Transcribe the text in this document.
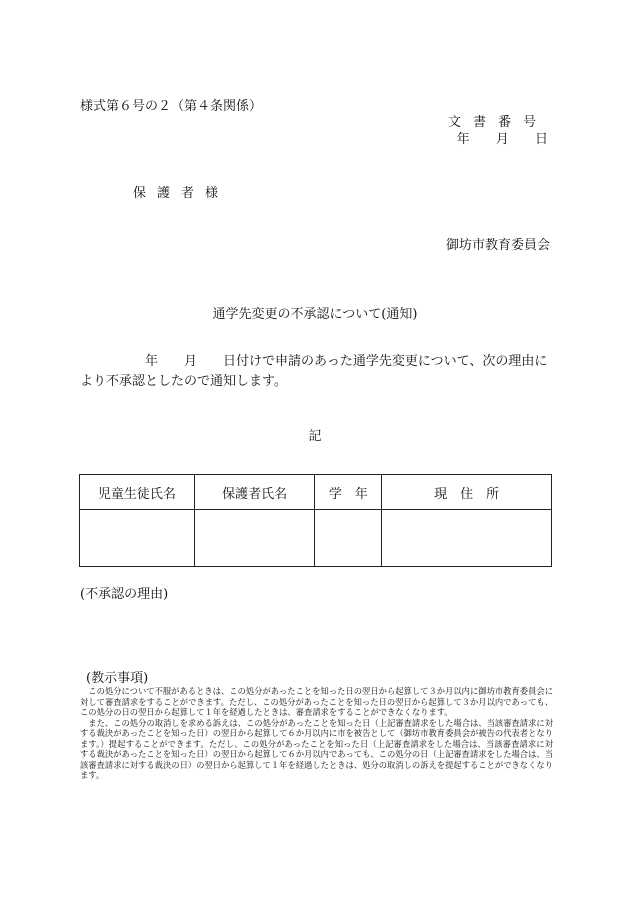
様式第６号の２（第４条関係）
文書番号
年 月 日
保護者様
御坊市教育委員会
通学先変更の不承認について(通知)
　　　　　年　　月　　日付けで申請のあった通学先変更について、次の理由により不承認としたので通知します。
記
児童生徒氏名	保護者氏名	学　年	現　住　所

(不承認の理由)
(教示事項)

この処分について不服があるときは、この処分があったことを知った日の翌日から起算して３か月以内に御坊市教育委員会に対して審査請求をすることができます。ただし、この処分があったことを知った日の翌日から起算して３か月以内であっても、この処分の日の翌日から起算して１年を経過したときは、審査請求をすることができなくなります。

また、この処分の取消しを求める訴えは、この処分があったことを知った日（上記審査請求をした場合は、当該審査請求に対する裁決があったことを知った日）の翌日から起算して６か月以内に市を被告として（御坊市教育委員会が被告の代表者となります。）提起することができます。ただし、この処分があったことを知った日（上記審査請求をした場合は、当該審査請求に対する裁決があったことを知った日）の翌日から起算して６か月以内であっても、この処分の日（上記審査請求をした場合は、当該審査請求に対する裁決の日）の翌日から起算して１年を経過したときは、処分の取消しの訴えを提起することができなくなります。
